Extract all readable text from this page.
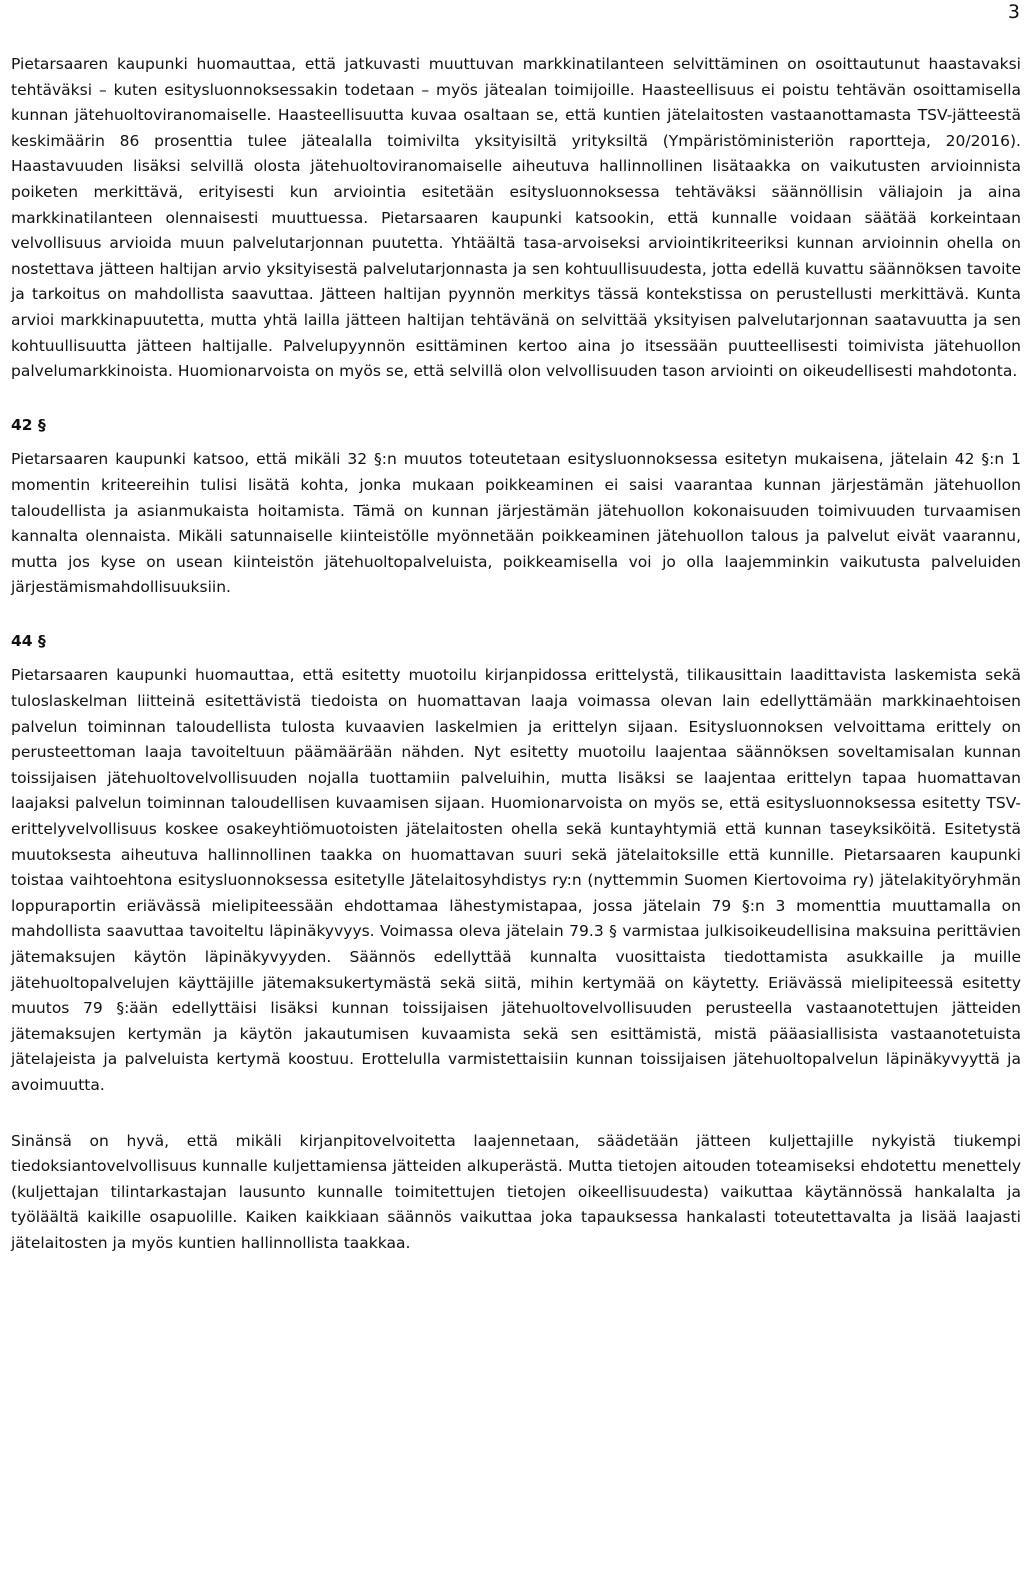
3

Pietarsaaren kaupunki huomauttaa, että jatkuvasti muuttuvan markkinatilanteen selvittäminen on osoittautunut haastavaksi tehtäväksi – kuten esitysluonnoksessakin todetaan – myös jätealan toimijoille. Haasteellisuus ei poistu tehtävän osoittamisella kunnan jätehuoltoviranomaiselle. Haasteellisuutta kuvaa osaltaan se, että kuntien jätelaitosten vastaanottamasta TSV-jätteestä keskimäärin 86 prosenttia tulee jätealalla toimivilta yksityisiltä yrityksiltä (Ympäristöministeriön raportteja, 20/2016). Haastavuuden lisäksi selvillä olosta jätehuoltoviranomaiselle aiheutuva hallinnollinen lisätaakka on vaikutusten arvioinnista poiketen merkittävä, erityisesti kun arviointia esitetään esitysluonnoksessa tehtäväksi säännöllisin väliajoin ja aina markkinatilanteen olennaisesti muuttuessa. Pietarsaaren kaupunki katsookin, että kunnalle voidaan säätää korkeintaan velvollisuus arvioida muun palvelutarjonnan puutetta. Yhtäältä tasa-arvoiseksi arviointikriteeriksi kunnan arvioinnin ohella on nostettava jätteen haltijan arvio yksityisestä palvelutarjonnasta ja sen kohtuullisuudesta, jotta edellä kuvattu säännöksen tavoite ja tarkoitus on mahdollista saavuttaa. Jätteen haltijan pyynnön merkitys tässä kontekstissa on perustellusti merkittävä. Kunta arvioi markkinapuutetta, mutta yhtä lailla jätteen haltijan tehtävänä on selvittää yksityisen palvelutarjonnan saatavuutta ja sen kohtuullisuutta jätteen haltijalle. Palvelupyynnön esittäminen kertoo aina jo itsessään puutteellisesti toimivista jätehuollon palvelumarkkinoista. Huomionarvoista on myös se, että selvillä olon velvollisuuden tason arviointi on oikeudellisesti mahdotonta.

42 §

Pietarsaaren kaupunki katsoo, että mikäli 32 §:n muutos toteutetaan esitysluonnoksessa esitetyn mukaisena, jätelain 42 §:n 1 momentin kriteereihin tulisi lisätä kohta, jonka mukaan poikkeaminen ei saisi vaarantaa kunnan järjestämän jätehuollon taloudellista ja asianmukaista hoitamista. Tämä on kunnan järjestämän jätehuollon kokonaisuuden toimivuuden turvaamisen kannalta olennaista. Mikäli satunnaiselle kiinteistölle myönnetään poikkeaminen jätehuollon talous ja palvelut eivät vaarannu, mutta jos kyse on usean kiinteistön jätehuoltopalveluista, poikkeamisella voi jo olla laajemminkin vaikutusta palveluiden järjestämismahdollisuuksiin.

44 §

Pietarsaaren kaupunki huomauttaa, että esitetty muotoilu kirjanpidossa erittelystä, tilikausittain laadittavista laskemista sekä tuloslaskelman liitteinä esitettävistä tiedoista on huomattavan laaja voimassa olevan lain edellyttämään markkinaehtoisen palvelun toiminnan taloudellista tulosta kuvaavien laskelmien ja erittelyn sijaan. Esitysluonnoksen velvoittama erittely on perusteettoman laaja tavoiteltuun päämäärään nähden. Nyt esitetty muotoilu laajentaa säännöksen soveltamisalan kunnan toissijaisen jätehuoltovelvollisuuden nojalla tuottamiin palveluihin, mutta lisäksi se laajentaa erittelyn tapaa huomattavan laajaksi palvelun toiminnan taloudellisen kuvaamisen sijaan. Huomionarvoista on myös se, että esitysluonnoksessa esitetty TSV-erittelyvelvollisuus koskee osakeyhtiömuotoisten jätelaitosten ohella sekä kuntayhtymiä että kunnan taseyksiköitä. Esitetystä muutoksesta aiheutuva hallinnollinen taakka on huomattavan suuri sekä jätelaitoksille että kunnille. Pietarsaaren kaupunki toistaa vaihtoehtona esitysluonnoksessa esitetylle Jätelaitosyhdistys ry:n (nyttemmin Suomen Kiertovoima ry) jätelakityöryhmän loppuraportin eriävässä mielipiteessään ehdottamaa lähestymistapaa, jossa jätelain 79 §:n 3 momenttia muuttamalla on mahdollista saavuttaa tavoiteltu läpinäkyvyys. Voimassa oleva jätelain 79.3 § varmistaa julkisoikeudellisina maksuina perittävien jätemaksujen käytön läpinäkyvyyden. Säännös edellyttää kunnalta vuosittaista tiedottamista asukkaille ja muille jätehuoltopalvelujen käyttäjille jätemaksukertymästä sekä siitä, mihin kertymää on käytetty. Eriävässä mielipiteessä esitetty muutos 79 §:ään edellyttäisi lisäksi kunnan toissijaisen jätehuoltovelvollisuuden perusteella vastaanotettujen jätteiden jätemaksujen kertymän ja käytön jakautumisen kuvaamista sekä sen esittämistä, mistä pääasiallisista vastaanotetuista jätelajeista ja palveluista kertymä koostuu. Erottelulla varmistettaisiin kunnan toissijaisen jätehuoltopalvelun läpinäkyvyyttä ja avoimuutta.

Sinänsä on hyvä, että mikäli kirjanpitovelvoitetta laajennetaan, säädetään jätteen kuljettajille nykyistä tiukempi tiedoksiantovelvollisuus kunnalle kuljettamiensa jätteiden alkuperästä. Mutta tietojen aitouden toteamiseksi ehdotettu menettely (kuljettajan tilintarkastajan lausunto kunnalle toimitettujen tietojen oikeellisuudesta) vaikuttaa käytännössä hankalalta ja työläältä kaikille osapuolille. Kaiken kaikkiaan säännös vaikuttaa joka tapauksessa hankalasti toteutettavalta ja lisää laajasti jätelaitosten ja myös kuntien hallinnollista taakkaa.
